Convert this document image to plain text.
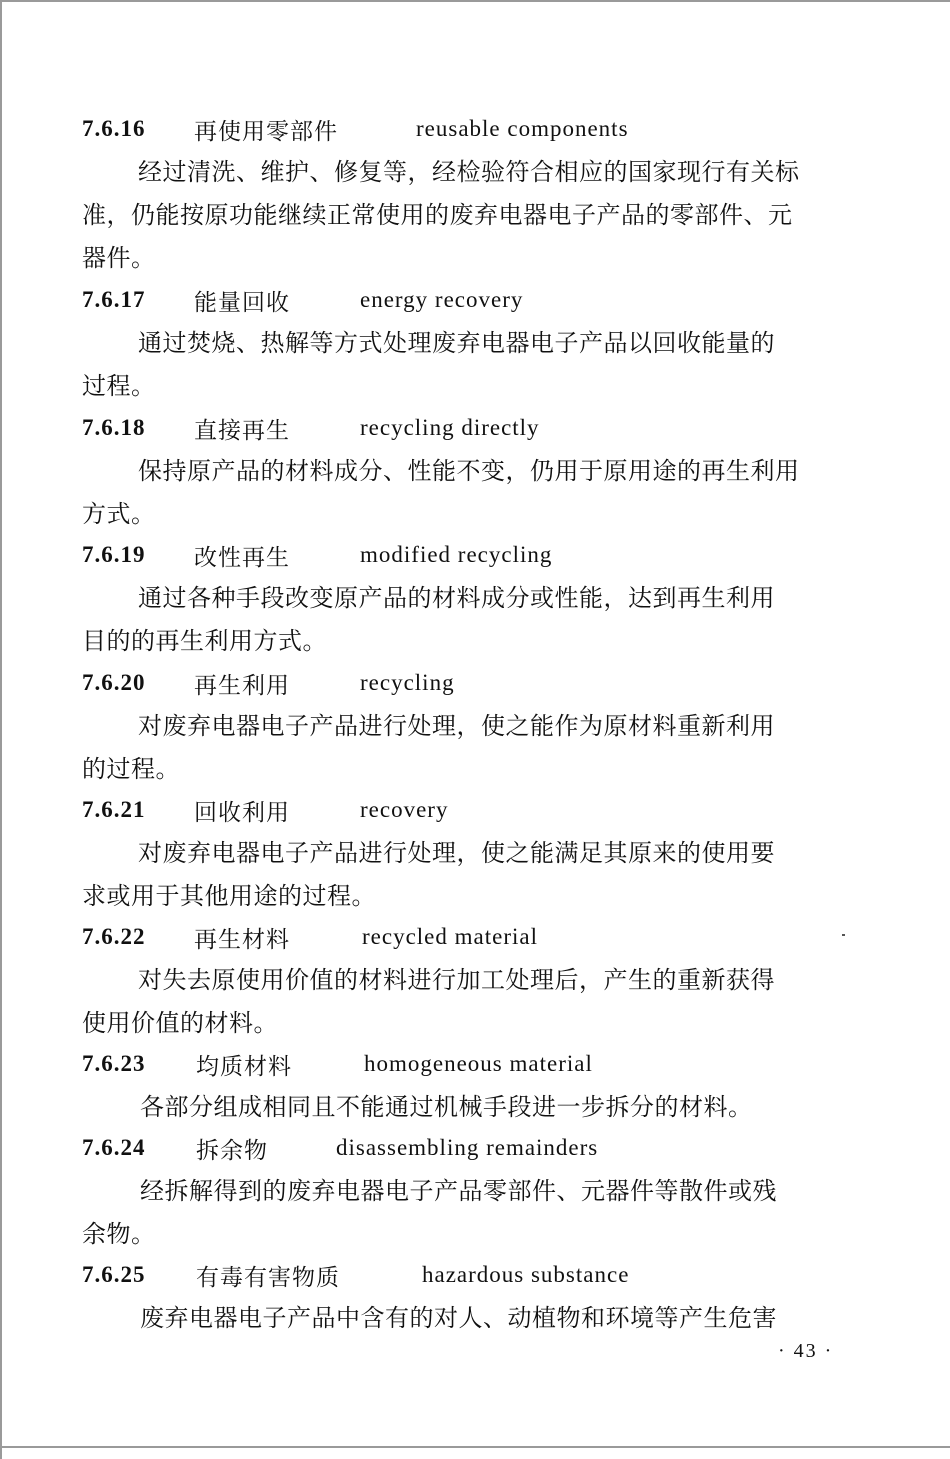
7.6.16	再使用零部件	reusable components
经过清洗、维护、修复等，经检验符合相应的国家现行有关标
准，仍能按原功能继续正常使用的废弃电器电子产品的零部件、元
器件。
7.6.17	能量回收	energy recovery
通过焚烧、热解等方式处理废弃电器电子产品以回收能量的
过程。
7.6.18	直接再生	recycling directly
保持原产品的材料成分、性能不变，仍用于原用途的再生利用
方式。
7.6.19	改性再生	modified recycling
通过各种手段改变原产品的材料成分或性能，达到再生利用
目的的再生利用方式。
7.6.20	再生利用	recycling
对废弃电器电子产品进行处理，使之能作为原材料重新利用
的过程。
7.6.21	回收利用	recovery
对废弃电器电子产品进行处理，使之能满足其原来的使用要
求或用于其他用途的过程。
7.6.22	再生材料	recycled material
对失去原使用价值的材料进行加工处理后，产生的重新获得
使用价值的材料。
7.6.23	均质材料	homogeneous material
各部分组成相同且不能通过机械手段进一步拆分的材料。
7.6.24	拆余物	disassembling remainders
经拆解得到的废弃电器电子产品零部件、元器件等散件或残
余物。
7.6.25	有毒有害物质	hazardous substance
废弃电器电子产品中含有的对人、动植物和环境等产生危害
· 43 ·
